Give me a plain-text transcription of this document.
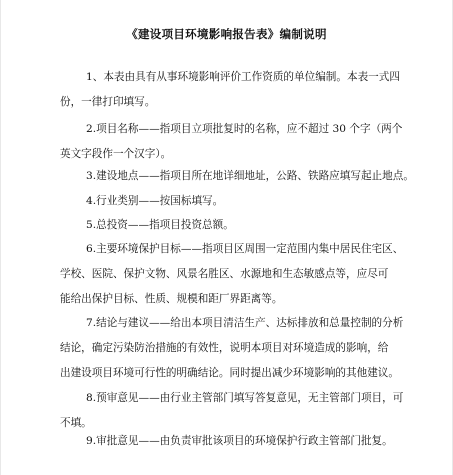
《建设项目环境影响报告表》编制说明
1、本表由具有从事环境影响评价工作资质的单位编制。本表一式四
份，一律打印填写。
2.项目名称——指项目立项批复时的名称，应不超过 30 个字（两个
英文字段作一个汉字）。
3.建设地点——指项目所在地详细地址，公路、铁路应填写起止地点。
4.行业类别——按国标填写。
5.总投资——指项目投资总额。
6.主要环境保护目标——指项目区周围一定范围内集中居民住宅区、
学校、医院、保护文物、风景名胜区、水源地和生态敏感点等，应尽可
能给出保护目标、性质、规模和距厂界距离等。
7.结论与建议——给出本项目清洁生产、达标排放和总量控制的分析
结论，确定污染防治措施的有效性，说明本项目对环境造成的影响，给
出建设项目环境可行性的明确结论。同时提出减少环境影响的其他建议。
8.预审意见——由行业主管部门填写答复意见，无主管部门项目，可
不填。
9.审批意见——由负责审批该项目的环境保护行政主管部门批复。
